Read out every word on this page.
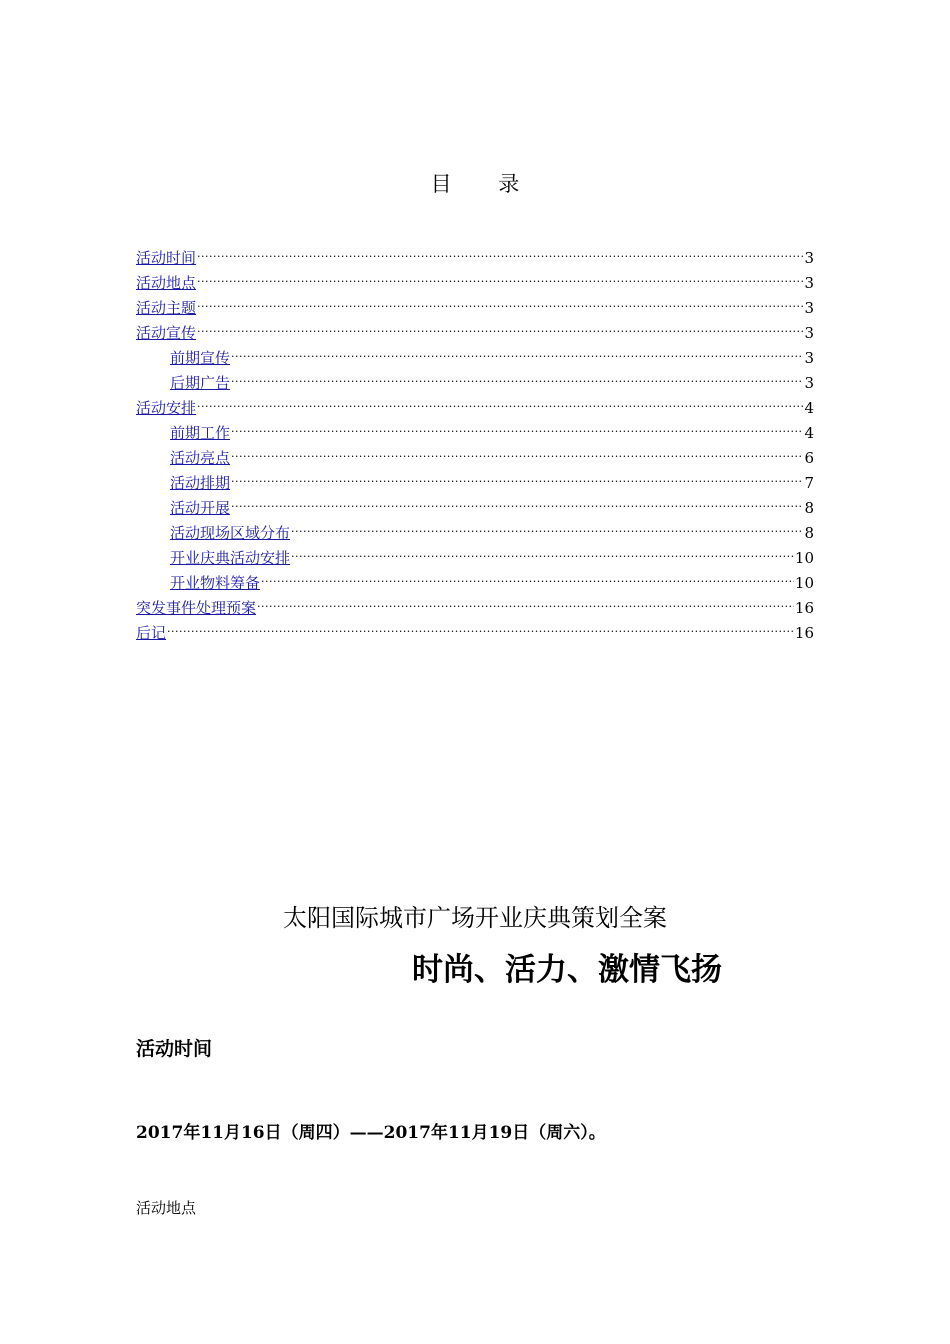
目 录
活动时间 .....	3
活动地点 .....	3
活动主题 .....	3
活动宣传 .....	3
前期宣传 .....	3
后期广告 .....	3
活动安排 .....	4
前期工作 .....	4
活动亮点 .....	6
活动排期 .....	7
活动开展 .....	8
活动现场区域分布 .....	8
开业庆典活动安排 .....	10
开业物料筹备 .....	10
突发事件处理预案 .....	16
后记 .....	16
太阳国际城市广场开业庆典策划全案
时尚、活力、激情飞扬
活动时间
2017年11月16日（周四）——2017年11月19日（周六）。
活动地点
